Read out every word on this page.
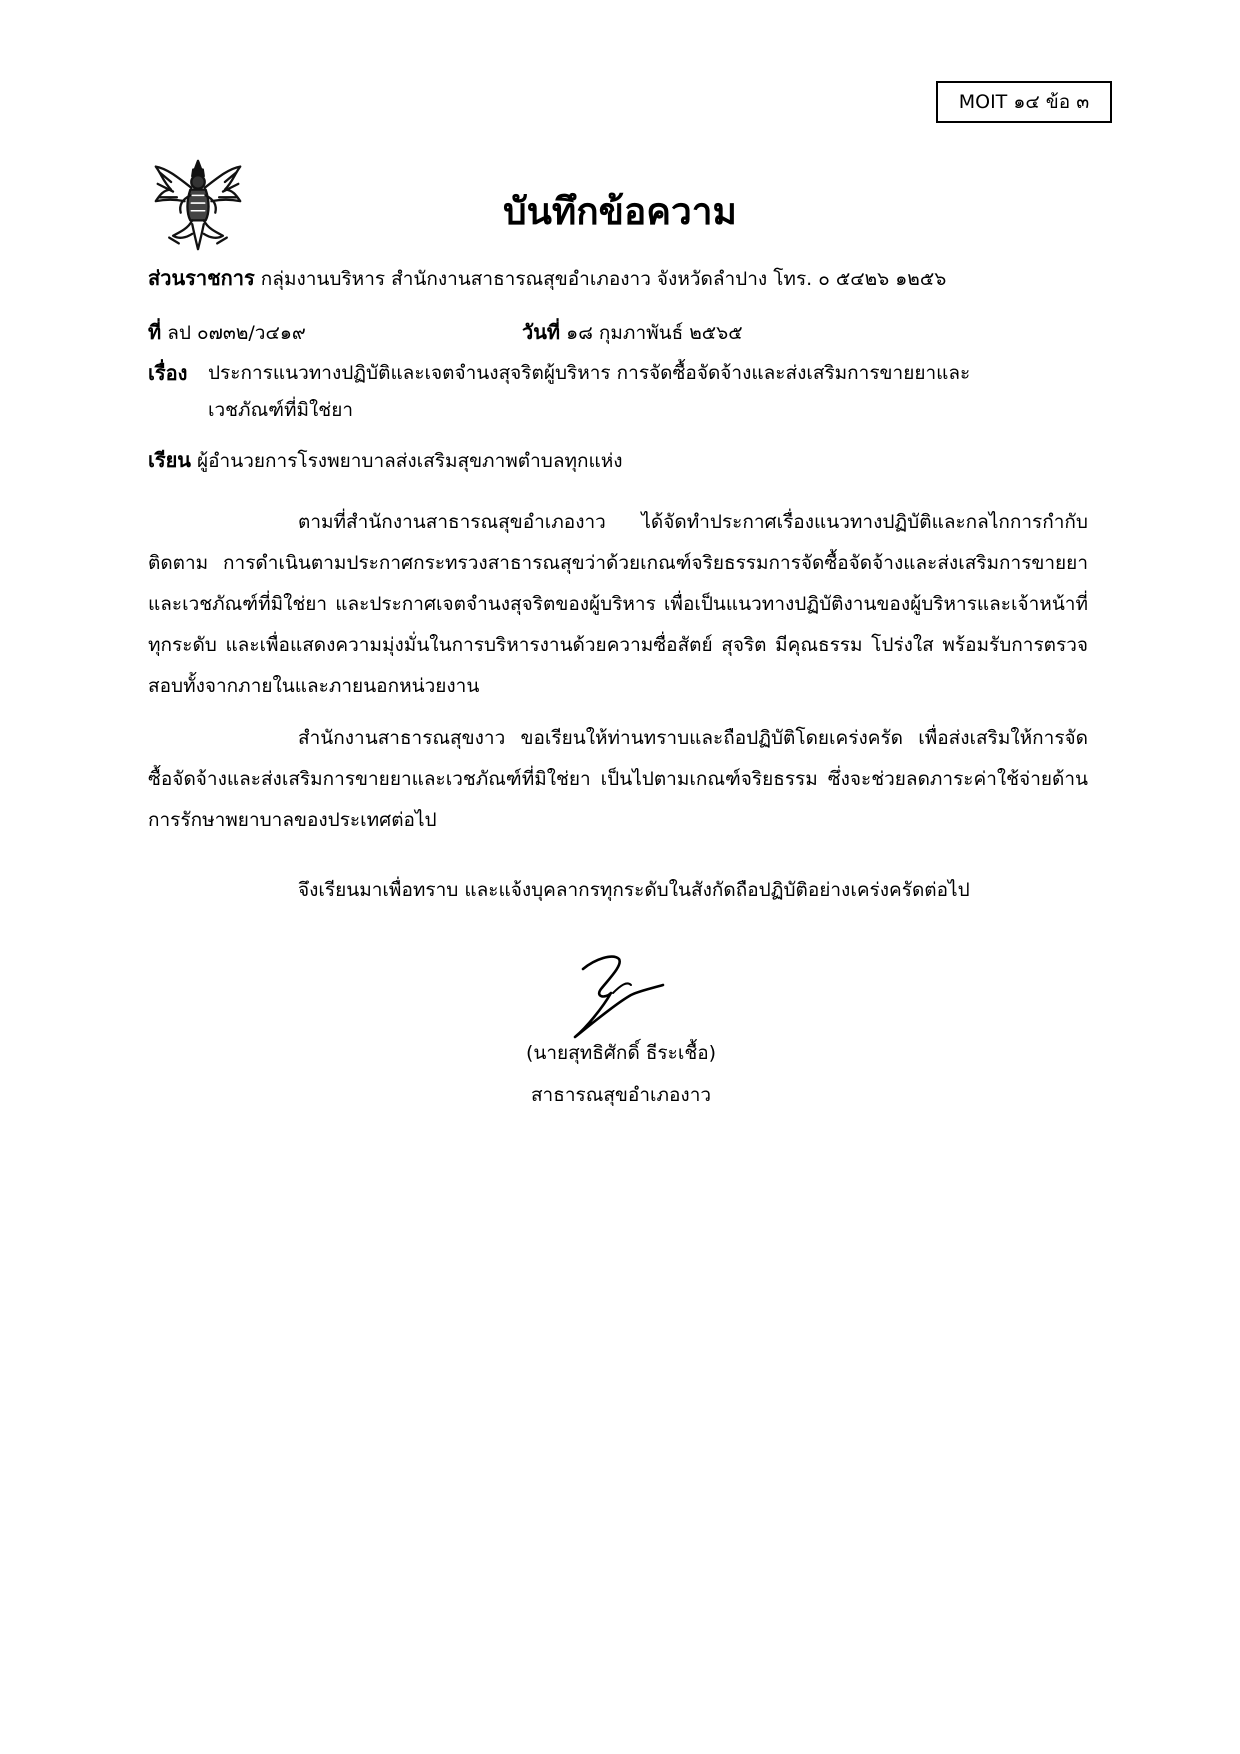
MOIT ๑๔ ข้อ ๓
บันทึกข้อความ
ส่วนราชการ กลุ่มงานบริหาร สำนักงานสาธารณสุขอำเภองาว จังหวัดลำปาง โทร. ๐ ๕๔๒๖ ๑๒๕๖
ที่ ลป ๐๗๓๒/ว๔๑๙	วันที่ ๑๘ กุมภาพันธ์ ๒๕๖๕
เรื่อง ประการแนวทางปฏิบัติและเจตจำนงสุจริตผู้บริหาร การจัดซื้อจัดจ้างและส่งเสริมการขายยาและ
เวชภัณฑ์ที่มิใช่ยา
เรียน ผู้อำนวยการโรงพยาบาลส่งเสริมสุขภาพตำบลทุกแห่ง
ตามที่สำนักงานสาธารณสุขอำเภองาว ได้จัดทำประกาศเรื่องแนวทางปฏิบัติและกลไกการกำกับติดตาม การดำเนินตามประกาศกระทรวงสาธารณสุขว่าด้วยเกณฑ์จริยธรรมการจัดซื้อจัดจ้างและส่งเสริมการขายยาและเวชภัณฑ์ที่มิใช่ยา และประกาศเจตจำนงสุจริตของผู้บริหาร เพื่อเป็นแนวทางปฏิบัติงานของผู้บริหารและเจ้าหน้าที่ทุกระดับ และเพื่อแสดงความมุ่งมั่นในการบริหารงานด้วยความซื่อสัตย์ สุจริต มีคุณธรรม โปร่งใส พร้อมรับการตรวจสอบทั้งจากภายในและภายนอกหน่วยงาน
สำนักงานสาธารณสุขงาว ขอเรียนให้ท่านทราบและถือปฏิบัติโดยเคร่งครัด เพื่อส่งเสริมให้การจัดซื้อจัดจ้างและส่งเสริมการขายยาและเวชภัณฑ์ที่มิใช่ยา เป็นไปตามเกณฑ์จริยธรรม ซึ่งจะช่วยลดภาระค่าใช้จ่ายด้านการรักษาพยาบาลของประเทศต่อไป
จึงเรียนมาเพื่อทราบ และแจ้งบุคลากรทุกระดับในสังกัดถือปฏิบัติอย่างเคร่งครัดต่อไป
(นายสุทธิศักดิ์ ธีระเชื้อ)
สาธารณสุขอำเภองาว
